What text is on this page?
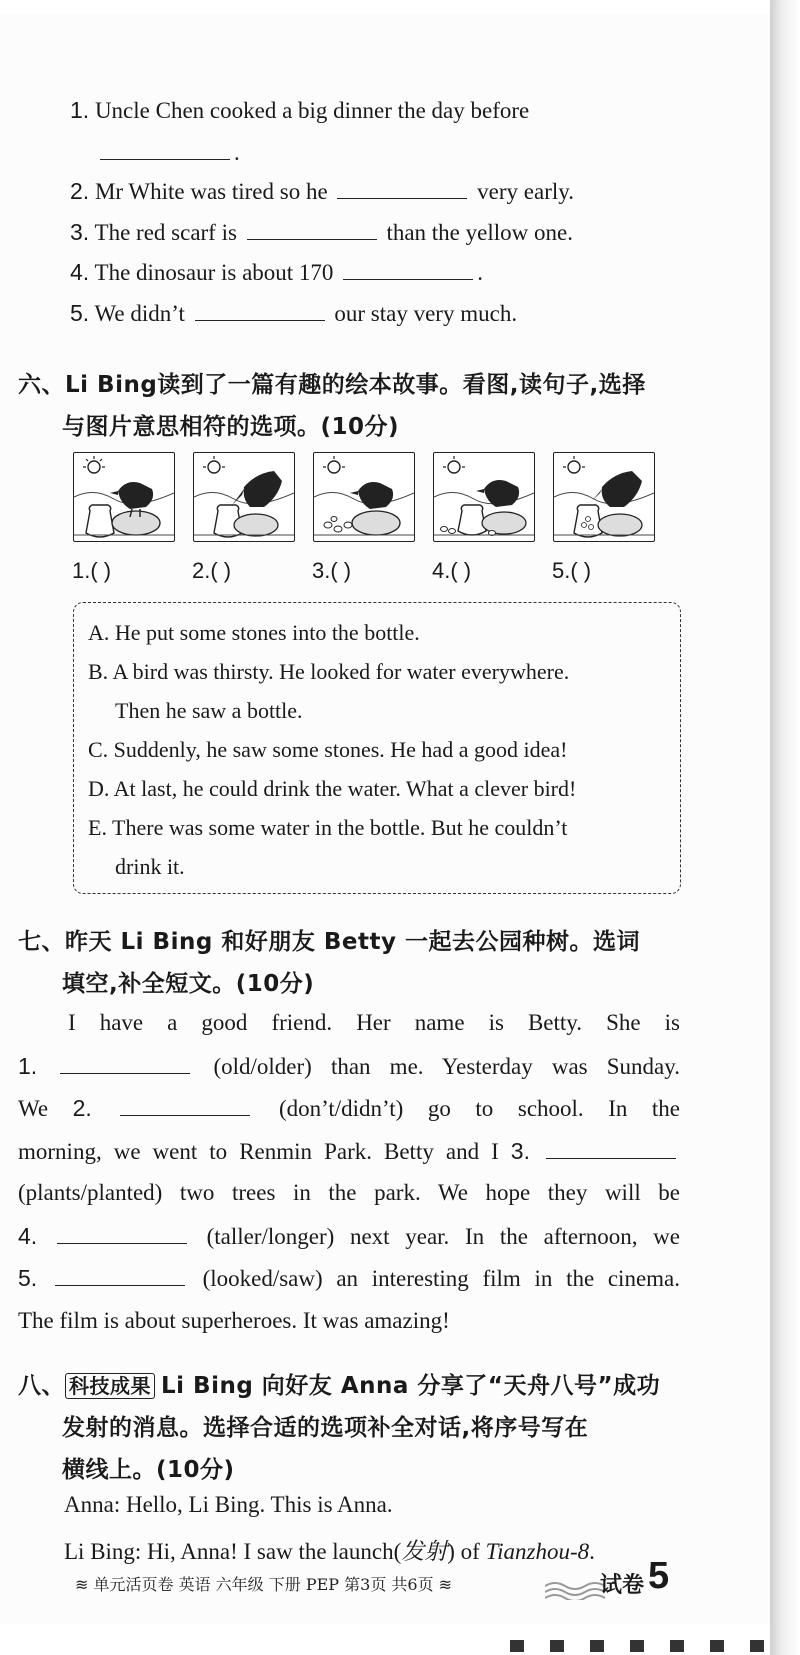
1. Uncle Chen cooked a big dinner the day before
.
2. Mr White was tired so he	very early.
3. The red scarf is	than the yellow one.
4. The dinosaur is about 170	.
5. We didn’t	our stay very much.
六、Li Bing读到了一篇有趣的绘本故事。看图,读句子,选择
与图片意思相符的选项。(10分)
1.( )	2.( )	3.( )	4.( )	5.( )
A. He put some stones into the bottle.
B. A bird was thirsty. He looked for water everywhere.
Then he saw a bottle.
C. Suddenly, he saw some stones. He had a good idea!
D. At last, he could drink the water. What a clever bird!
E. There was some water in the bottle. But he couldn’t
drink it.
七、昨天 Li Bing 和好朋友 Betty 一起去公园种树。选词
填空,补全短文。(10分)
I have a good friend. Her name is Betty. She is
1.	(old/older) than me. Yesterday was Sunday.
We 2.	(don’t/didn’t) go to school. In the
morning, we went to Renmin Park. Betty and I 3.
(plants/planted) two trees in the park. We hope they will be
4.	(taller/longer) next year. In the afternoon, we
5.	(looked/saw) an interesting film in the cinema.
The film is about superheroes. It was amazing!
八、 科技成果 Li Bing 向好友 Anna 分享了“天舟八号”成功
发射的消息。选择合适的选项补全对话,将序号写在
横线上。(10分)
Anna: Hello, Li Bing. This is Anna.
Li Bing: Hi, Anna! I saw the launch(发射) of Tianzhou-8.
≋ 单元活页卷 英语 六年级 下册 PEP 第3页 共6页 ≋	试卷 5
